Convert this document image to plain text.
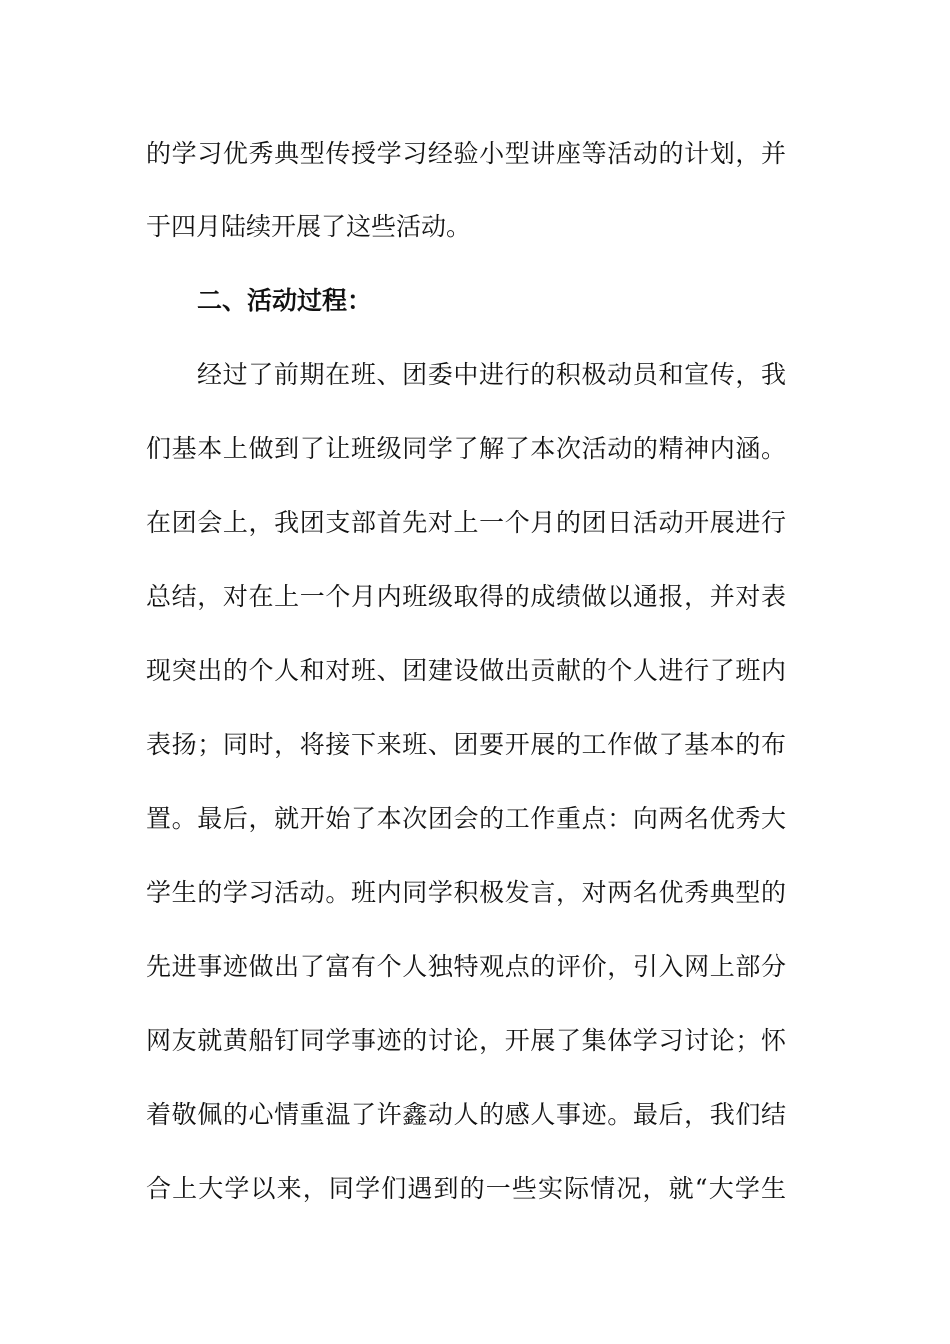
的学习优秀典型传授学习经验小型讲座等活动的计划，并
于四月陆续开展了这些活动。
二、活动过程：
经过了前期在班、团委中进行的积极动员和宣传，我
们基本上做到了让班级同学了解了本次活动的精神内涵。
在团会上，我团支部首先对上一个月的团日活动开展进行
总结，对在上一个月内班级取得的成绩做以通报，并对表
现突出的个人和对班、团建设做出贡献的个人进行了班内
表扬；同时，将接下来班、团要开展的工作做了基本的布
置。最后，就开始了本次团会的工作重点：向两名优秀大
学生的学习活动。班内同学积极发言，对两名优秀典型的
先进事迹做出了富有个人独特观点的评价，引入网上部分
网友就黄船钉同学事迹的讨论，开展了集体学习讨论；怀
着敬佩的心情重温了许鑫动人的感人事迹。最后，我们结
合上大学以来，同学们遇到的一些实际情况，就“大学生
